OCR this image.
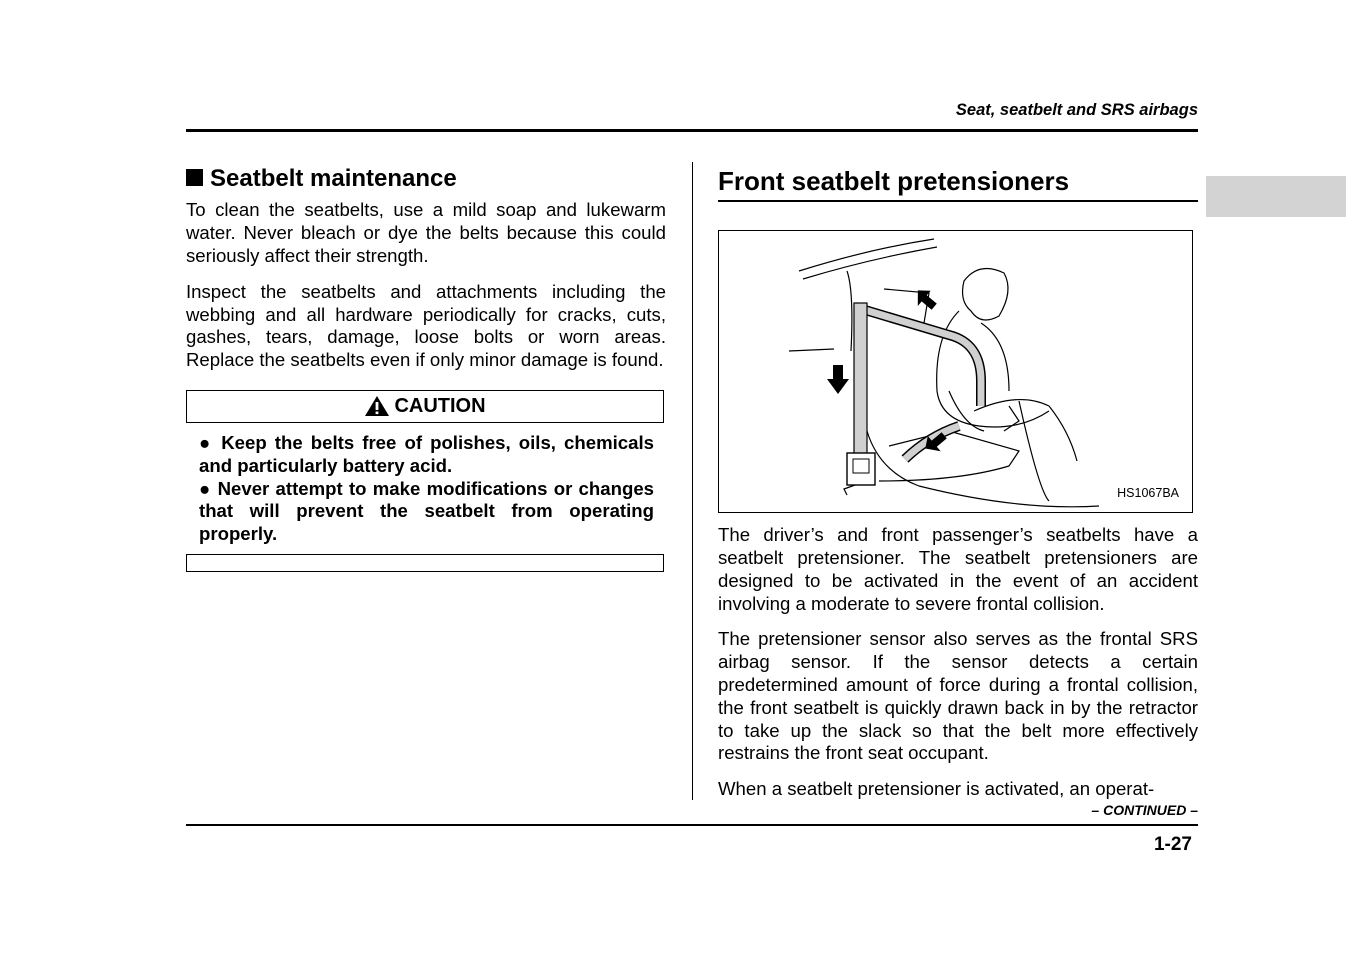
Seat, seatbelt and SRS airbags
Seatbelt maintenance

To clean the seatbelts, use a mild soap and lukewarm water. Never bleach or dye the belts because this could seriously affect their strength.

Inspect the seatbelts and attachments including the webbing and all hardware periodically for cracks, cuts, gashes, tears, damage, loose bolts or worn areas. Replace the seatbelts even if only minor damage is found.

CAUTION

● Keep the belts free of polishes, oils, chemicals and particularly battery acid.

● Never attempt to make modifications or changes that will prevent the seatbelt from operating properly.

Front seatbelt pretensioners
HS1067BA

The driver’s and front passenger’s seatbelts have a seatbelt pretensioner. The seatbelt pretensioners are designed to be activated in the event of an accident involving a moderate to severe frontal collision.

The pretensioner sensor also serves as the frontal SRS airbag sensor. If the sensor detects a certain predetermined amount of force during a frontal collision, the front seatbelt is quickly drawn back in by the retractor to take up the slack so that the belt more effectively restrains the front seat occupant.

When a seatbelt pretensioner is activated, an operat-

– CONTINUED –
1-27
